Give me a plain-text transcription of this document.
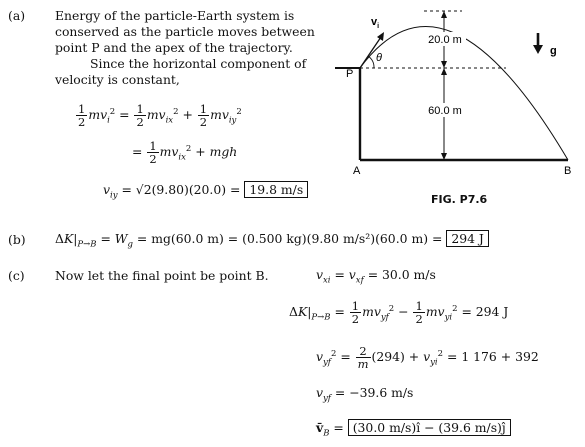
(a) Energy of the particle-Earth system is
conserved as the particle moves between
point P and the apex of the trajectory.
Since the horizontal component of
velocity is constant,
$\frac{1}{2} mv_i^2 = \frac{1}{2} mv_{ix}^2 + \frac{1}{2} mv_{iy}^2$
= $\frac{1}{2} mv_{ix}^2$ + mgh
$v_{iy} = √2(9.80)(20.0) = 19.8$ m/s
20.0 m
60.0 m
$v_i$
θ
P
A	B
g
FIG. P7.6
(b) $\Delta K|_{P\to B} = W_g = mg(60.0$ m) = (0.500 kg)(9.80 m/s²)(60.0 m) = 294 J
(c) Now let the final point be point B.	$v_{xi} = v_{xf} = 30.0$ m/s
$\Delta K|_{P\to B} = \frac{1}{2} mv_{yf}^2 - \frac{1}{2} mv_{yi}^2 = 294$ J
$v_{yf}^2 = \frac{2}{m} (294) + v_{yi}^2 = 1$ 176 + 392
$v_{yf} = -39.6$ m/s
$v̄_B = (30.0$ m/s)î − (39.6 m/s)ĵ
